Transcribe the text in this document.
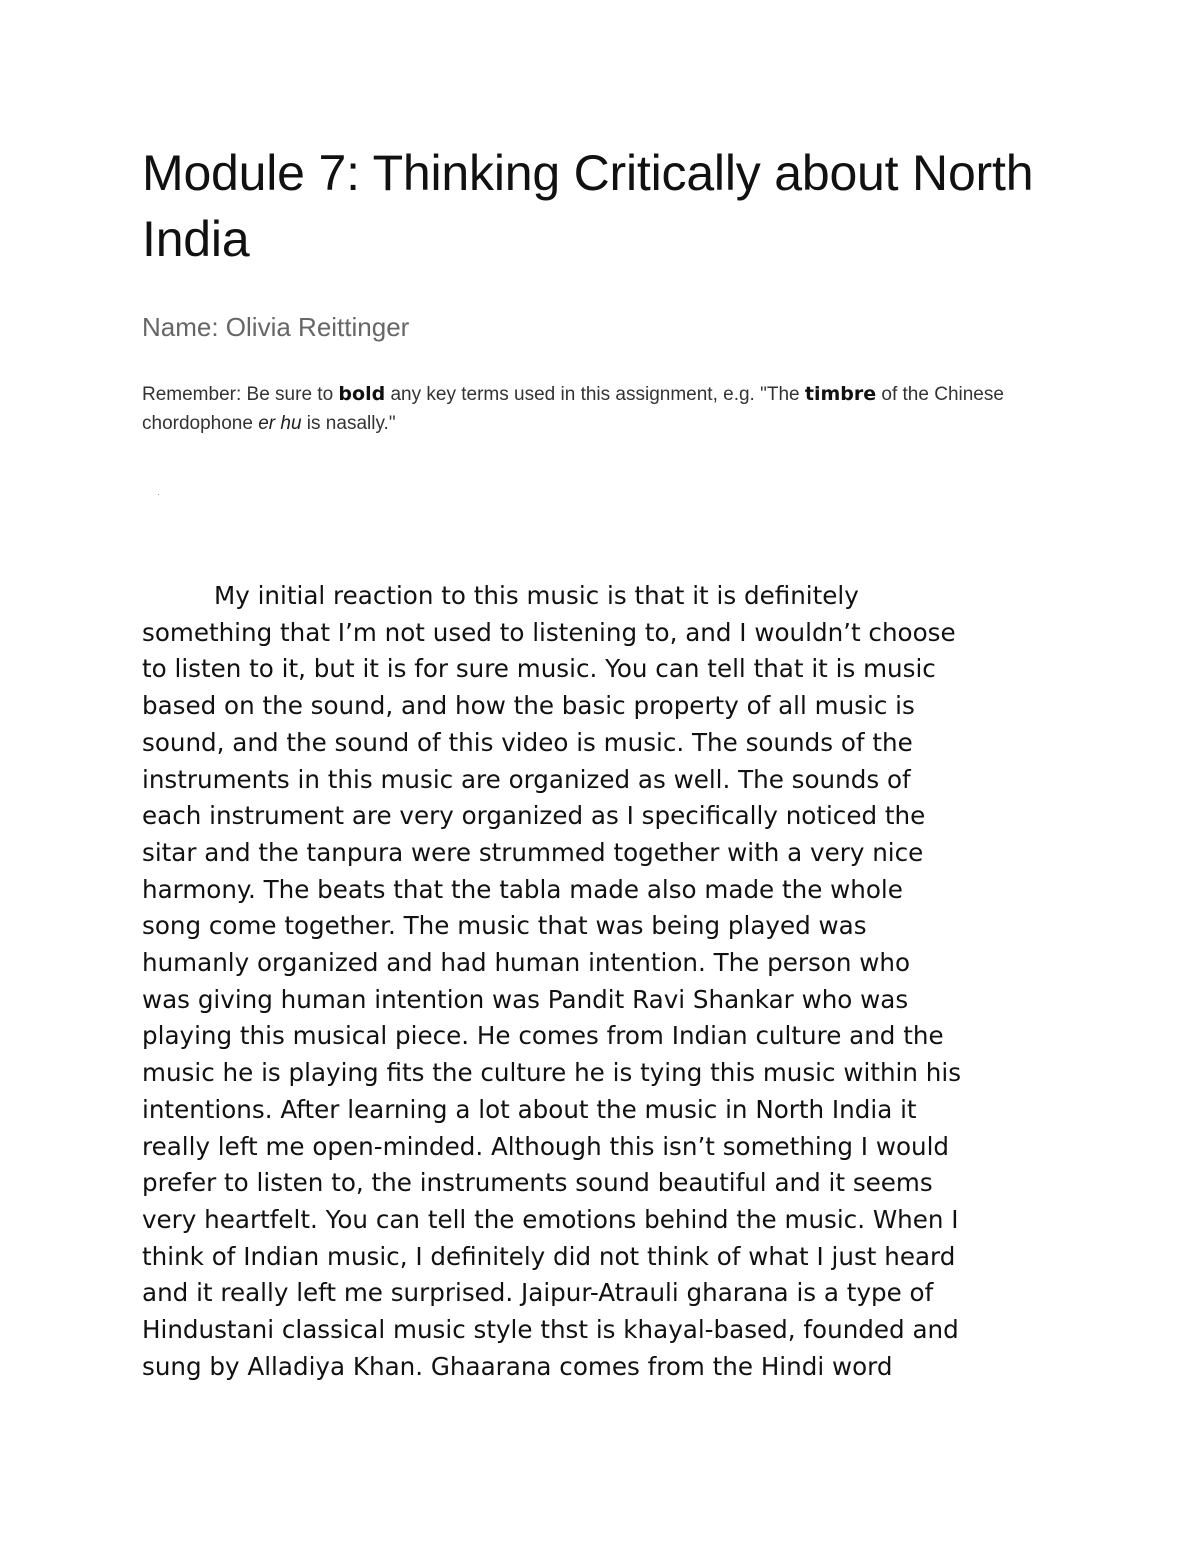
Module 7: Thinking Critically about North India

Name: Olivia Reittinger

Remember: Be sure to bold any key terms used in this assignment, e.g. "The timbre of the Chinese chordophone er hu is nasally."

My initial reaction to this music is that it is definitely
something that I’m not used to listening to, and I wouldn’t choose
to listen to it, but it is for sure music. You can tell that it is music
based on the sound, and how the basic property of all music is
sound, and the sound of this video is music. The sounds of the
instruments in this music are organized as well. The sounds of
each instrument are very organized as I specifically noticed the
sitar and the tanpura were strummed together with a very nice
harmony. The beats that the tabla made also made the whole
song come together. The music that was being played was
humanly organized and had human intention. The person who
was giving human intention was Pandit Ravi Shankar who was
playing this musical piece. He comes from Indian culture and the
music he is playing fits the culture he is tying this music within his
intentions. After learning a lot about the music in North India it
really left me open-minded. Although this isn’t something I would
prefer to listen to, the instruments sound beautiful and it seems
very heartfelt. You can tell the emotions behind the music. When I
think of Indian music, I definitely did not think of what I just heard
and it really left me surprised. Jaipur-Atrauli gharana is a type of
Hindustani classical music style thst is khayal-based, founded and
sung by Alladiya Khan. Ghaarana comes from the Hindi word
